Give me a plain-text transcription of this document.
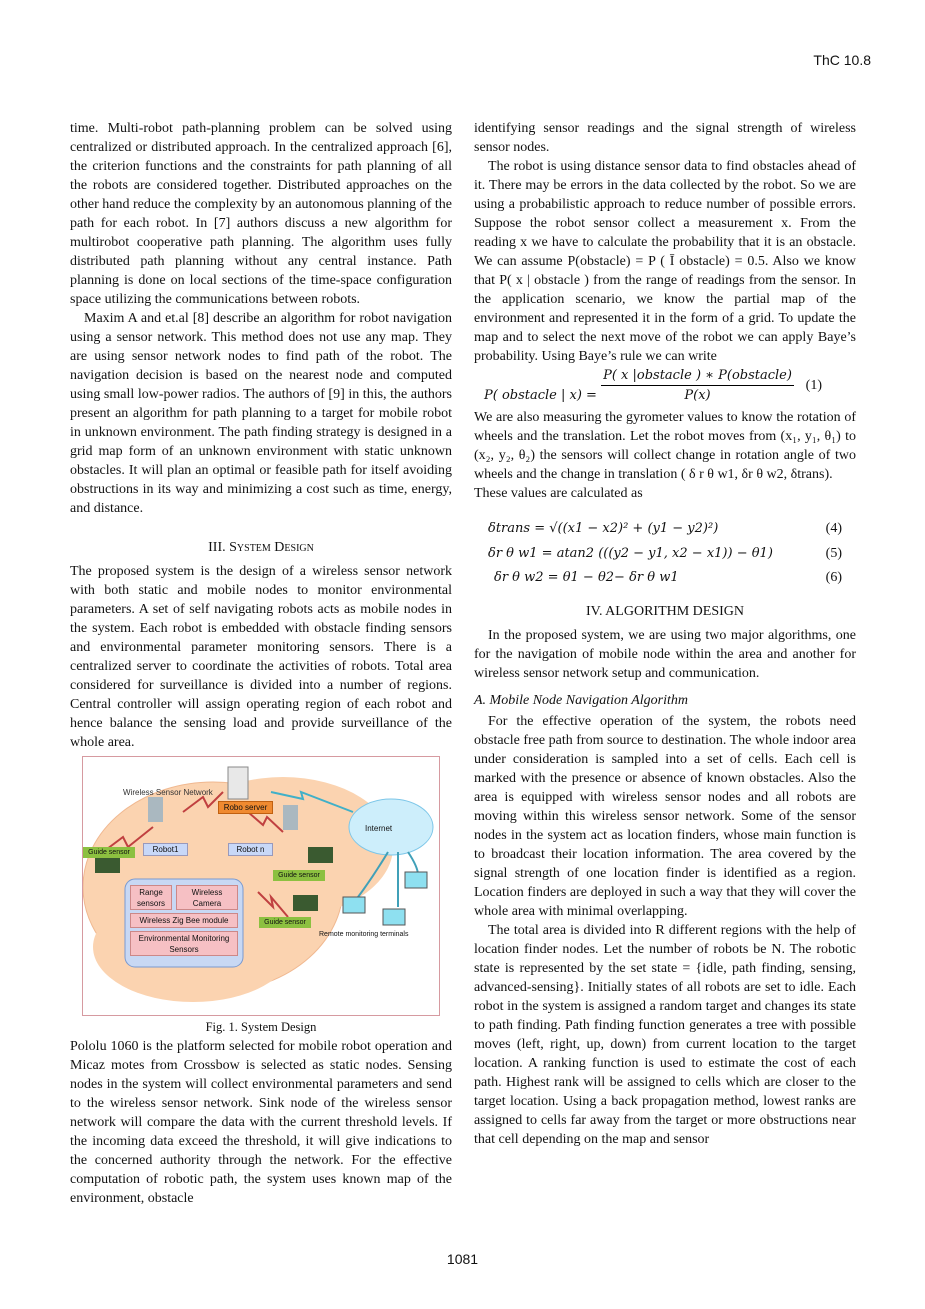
ThC 10.8

time. Multi-robot path-planning problem can be solved using centralized or distributed approach. In the centralized approach [6], the criterion functions and the constraints for path planning of all the robots are considered together. Distributed approaches on the other hand reduce the complexity by an autonomous planning of the path for each robot. In [7] authors discuss a new algorithm for multirobot cooperative path planning. The algorithm uses fully distributed path planning without any central instance. Path planning is done on local sections of the time-space configuration space utilizing the communications between robots.

Maxim A and et.al [8] describe an algorithm for robot navigation using a sensor network. This method does not use any map. They are using sensor network nodes to find path of the robot. The navigation decision is based on the nearest node and computed using small low-power radios. The authors of [9] in this, the authors present an algorithm for path planning to a target for mobile robot in unknown environment. The path finding strategy is designed in a grid map form of an unknown environment with static unknown obstacles. It will plan an optimal or feasible path for itself avoiding obstructions in its way and minimizing a cost such as time, energy, and distance.

III. System Design

The proposed system is the design of a wireless sensor network with both static and mobile nodes to monitor environmental parameters. A set of self navigating robots acts as mobile nodes in the system. Each robot is embedded with obstacle finding sensors and environmental parameter monitoring sensors. There is a centralized server to coordinate the activities of robots. Total area considered for surveillance is divided into a number of regions. Central controller will assign operating region of each robot and hence balance the sensing load and provide surveillance of the whole area.

Wireless Sensor Network
Robo server
Robot1	Robot n
Guide sensor
Guide sensor
Guide sensor
Internet
Range sensors
Wireless Camera
Wireless Zig Bee module
Environmental Monitoring Sensors
Remote monitoring terminals

Fig. 1. System Design

Pololu 1060 is the platform selected for mobile robot operation and Micaz motes from Crossbow is selected as static nodes. Sensing nodes in the system will collect environmental parameters and send to the wireless sensor network. Sink node of the wireless sensor network will compare the data with the current threshold levels. If the incoming data exceed the threshold, it will give indications to the concerned authority through the network. For the effective computation of robotic path, the system uses known map of the environment, obstacle

identifying sensor readings and the signal strength of wireless sensor nodes.

The robot is using distance sensor data to find obstacles ahead of it. There may be errors in the data collected by the robot. So we are using a probabilistic approach to reduce number of possible errors. Suppose the robot sensor collect a measurement x. From the reading x we have to calculate the probability that it is an obstacle. We can assume P(obstacle) = P ( Ī obstacle) = 0.5. Also we know that P( x | obstacle ) from the range of readings from the sensor. In the application scenario, we know the partial map of the environment and represented it in the form of a grid. To update the map and to select the next move of the robot we can apply Baye’s probability. Using Baye’s rule we can write

P( obstacle | $x) = \frac{\text{P( x |obstacle ) ∗ P(obstacle)}}{P(x)} (1)$

We are also measuring the gyrometer values to know the rotation of wheels and the translation. Let the robot moves from (x₁, y₁, θ₁) to (x₂, y₂, θ₂) the sensors will collect change in rotation angle of two wheels and the change in translation ( δ r θ w1, δr θ w2, δtrans).

These values are calculated as

δtrans = √((x1 − x2)² + (y1 − y2)²)	(4)
δr θ w1 = atan2 (((y2 − y1, x2 − x1)) − θ1)	(5)
δr θ w2 = θ1 − θ2− δr θ w1	(6)

IV. ALGORITHM DESIGN

In the proposed system, we are using two major algorithms, one for the navigation of mobile node within the area and another for wireless sensor network setup and communication.

A. Mobile Node Navigation Algorithm

For the effective operation of the system, the robots need obstacle free path from source to destination. The whole indoor area under consideration is sampled into a set of cells. Each cell is marked with the presence or absence of known obstacles. Also the area is equipped with wireless sensor nodes and all robots are moving within this wireless sensor network. Some of the sensor nodes in the system act as location finders, whose main function is to broadcast their location information. The area covered by the signal strength of one location finder is identified as a region. Location finders are deployed in such a way that they will cover the whole area with minimal overlapping.

The total area is divided into R different regions with the help of location finder nodes. Let the number of robots be N. The robotic state is represented by the set state = {idle, path finding, sensing, advanced-sensing}. Initially states of all robots are set to idle. Each robot in the system is assigned a random target and changes its state to path finding. Path finding function generates a tree with possible moves (left, right, up, down) from current location to the target location. A ranking function is used to estimate the cost of each path. Highest rank will be assigned to cells which are closer to the target location. Using a back propagation method, lowest ranks are assigned to cells far away from the target or more obstructions near that cell depending on the map and sensor

1081
